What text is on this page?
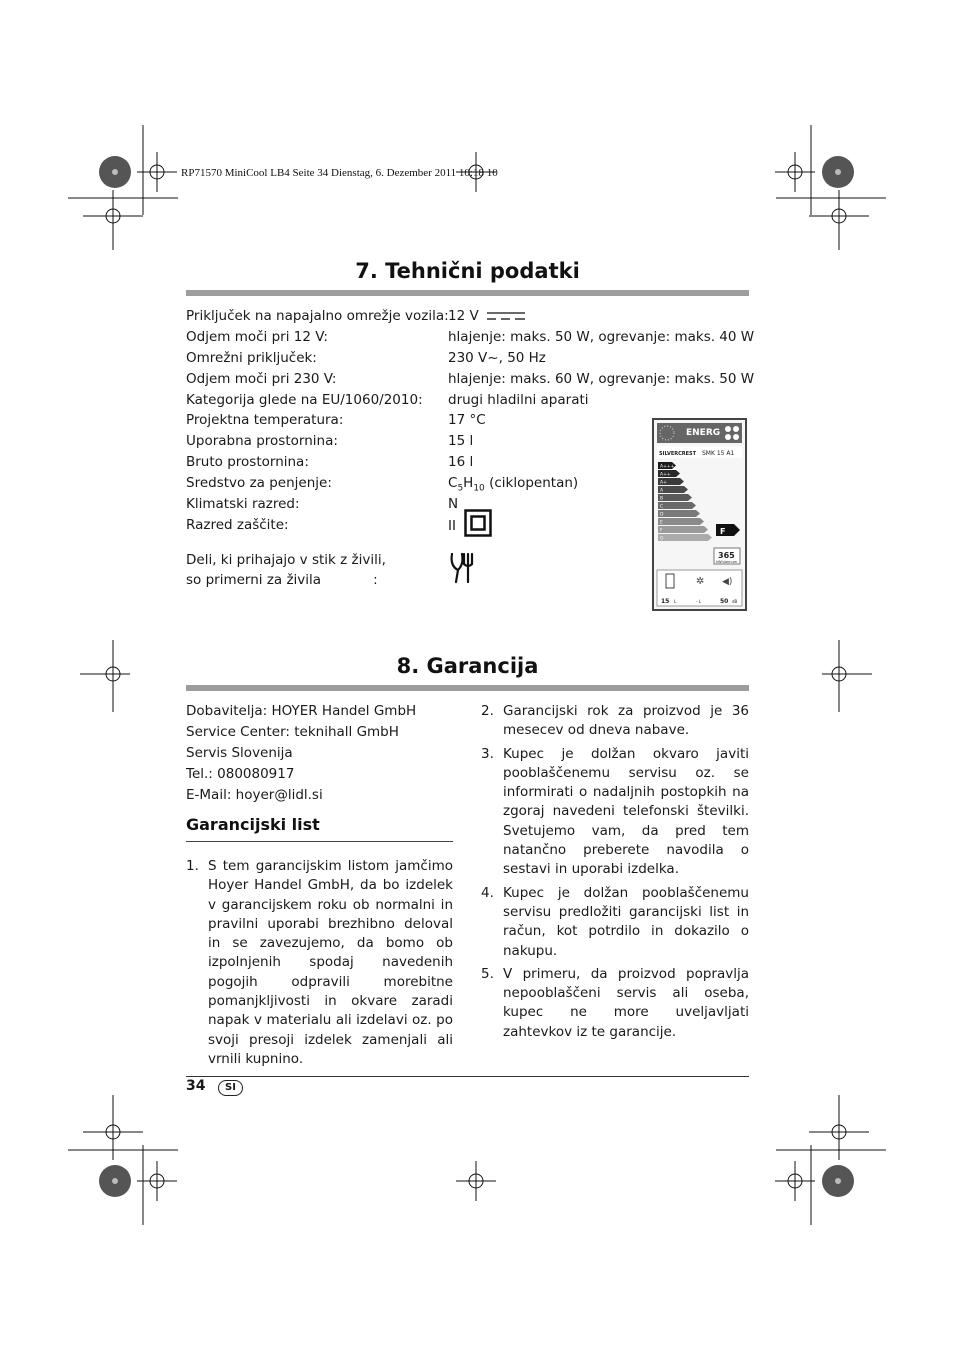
RP71570 MiniCool LB4 Seite 34 Dienstag, 6. Dezember 2011 10:18 10
7. Tehnični podatki
Priključek na napajalno omrežje vozila: 12 V
Odjem moči pri 12 V:	hlajenje: maks. 50 W, ogrevanje: maks. 40 W
Omrežni priključek:	230 V~, 50 Hz
Odjem moči pri 230 V:	hlajenje: maks. 60 W, ogrevanje: maks. 50 W
Kategorija glede na EU/1060/2010: drugi hladilni aparati
Projektna temperatura:	17 °C
Uporabna prostornina:	15 l
Bruto prostornina:	16 l
Sredstvo za penjenje:	$C_5H_{10}$ (ciklopentan)
Klimatski razred:	N
Razred zaščite:	II
Deli, ki prihajajo v stik z živili,
so primerni za živila	:
ENERG
SILVERCREST SMK 15 A1
A+++
A++
A+
A
B
C
D
E
F
G
F
365
kWh/annum
✲ ◀)
15 L	- L	50 dB
8. Garancija
Dobavitelja: HOYER Handel GmbH
Service Center: teknihall GmbH
Servis Slovenija
Tel.: 080080917
E-Mail: hoyer@lidl.si
Garancijski list
1. S tem garancijskim listom jamčimo Hoyer Handel GmbH, da bo izdelek v garancijskem roku ob normalni in pravilni uporabi brezhibno deloval in se zavezujemo, da bomo ob izpolnjenih spodaj navedenih pogojih odpravili morebitne pomanjkljivosti in okvare zaradi napak v materialu ali izdelavi oz. po svoji presoji izdelek zamenjali ali vrnili kupnino.
2. Garancijski rok za proizvod je 36 mesecev od dneva nabave.
3. Kupec je dolžan okvaro javiti pooblaščenemu servisu oz. se informirati o nadaljnih postopkih na zgoraj navedeni telefonski številki. Svetujemo vam, da pred tem natančno preberete navodila o sestavi in uporabi izdelka.
4. Kupec je dolžan pooblaščenemu servisu predložiti garancijski list in račun, kot potrdilo in dokazilo o nakupu.
5. V primeru, da proizvod popravlja nepooblaščeni servis ali oseba, kupec ne more uveljavljati zahtevkov iz te garancije.
34	SI
